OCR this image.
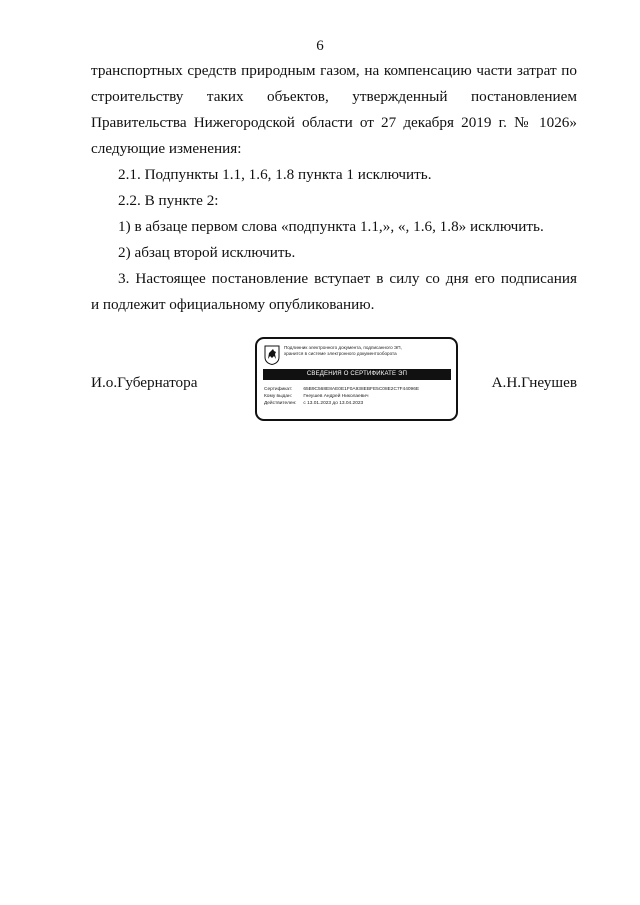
6
транспортных средств природным газом, на компенсацию части затрат по
строительству таких объектов, утвержденный постановлением
Правительства Нижегородской области от 27 декабря 2019 г. № 1026»
следующие изменения:
2.1. Подпункты 1.1, 1.6, 1.8 пункта 1 исключить.
2.2. В пункте 2:
1) в абзаце первом слова «подпункта 1.1,», «, 1.6, 1.8» исключить.
2) абзац второй исключить.
3. Настоящее постановление вступает в силу со дня его подписания
и подлежит официальному опубликованию.
И.о.Губернатора	А.Н.Гнеушев
Подлинник электронного документа, подписанного ЭП,
хранится в системе электронного документооборота
СВЕДЕНИЯ О СЕРТИФИКАТЕ ЭП
Сертификат: 65B9C568E8AE0E1F0A938EBFE5C08E2C7F44096E
Кому выдан: Гнеушев Андрей Николаевич
Действителен: с 13.01.2023 до 13.04.2023
